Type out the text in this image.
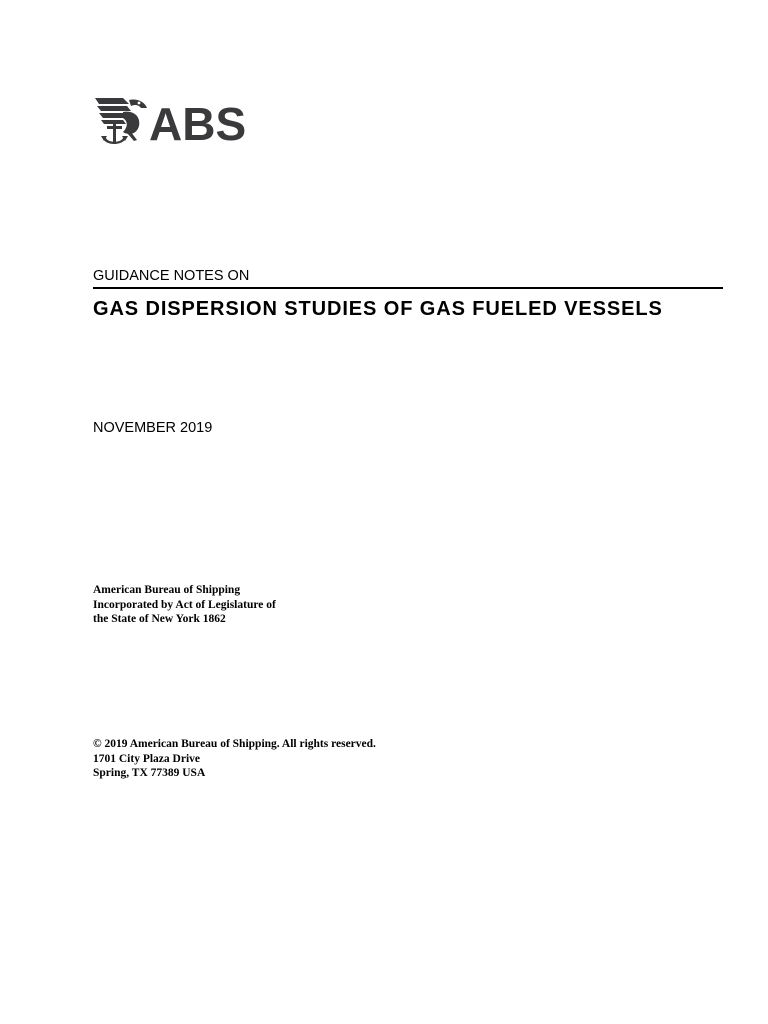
ABS
GUIDANCE NOTES ON
GAS DISPERSION STUDIES OF GAS FUELED VESSELS
NOVEMBER 2019
American Bureau of Shipping
Incorporated by Act of Legislature of
the State of New York 1862
© 2019 American Bureau of Shipping. All rights reserved.
1701 City Plaza Drive
Spring, TX 77389 USA
